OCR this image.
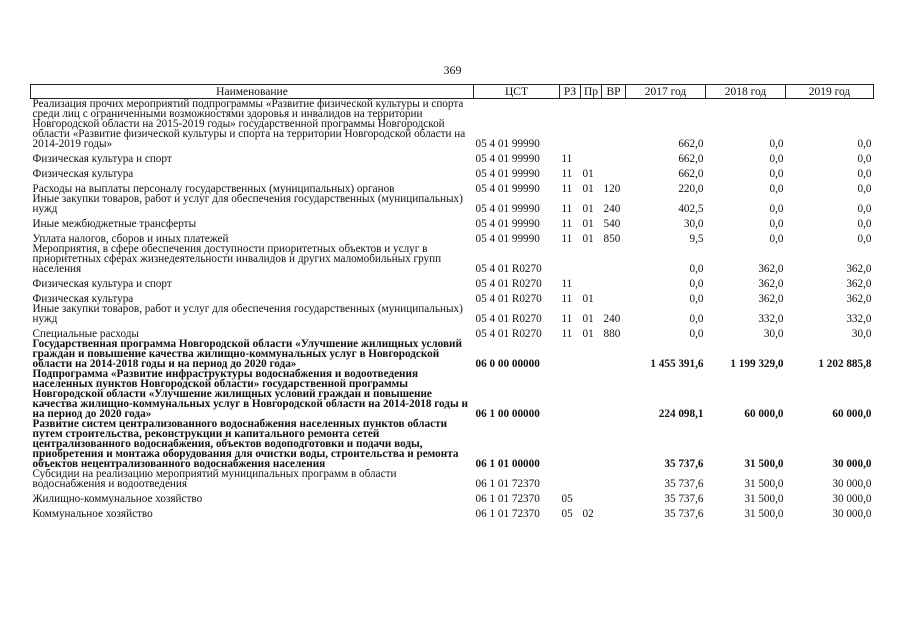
369
Наименование	ЦСТ	РЗ	Пр	ВР	2017 год	2018 год	2019 год
Реализация прочих мероприятий подпрограммы «Развитие физической культуры и спорта среди лиц с ограниченными возможностями здоровья и инвалидов на территории Новгородской области на 2015-2019 годы» государственной программы Новгородской области «Развитие физической культуры и спорта на территории Новгородской области на 2014-2019 годы»	05 4 01 99990				662,0	0,0	0,0
Физическая культура и спорт	05 4 01 99990	11			662,0	0,0	0,0
Физическая культура	05 4 01 99990	11	01		662,0	0,0	0,0
Расходы на выплаты персоналу государственных (муниципальных) органов	05 4 01 99990	11	01	120	220,0	0,0	0,0
Иные закупки товаров, работ и услуг для обеспечения государственных (муниципальных) нужд	05 4 01 99990	11	01	240	402,5	0,0	0,0
Иные межбюджетные трансферты	05 4 01 99990	11	01	540	30,0	0,0	0,0
Уплата налогов, сборов и иных платежей	05 4 01 99990	11	01	850	9,5	0,0	0,0
Мероприятия, в сфере обеспечения доступности приоритетных объектов и услуг в приоритетных сферах жизнедеятельности инвалидов и других маломобильных групп населения	05 4 01 R0270				0,0	362,0	362,0
Физическая культура и спорт	05 4 01 R0270	11			0,0	362,0	362,0
Физическая культура	05 4 01 R0270	11	01		0,0	362,0	362,0
Иные закупки товаров, работ и услуг для обеспечения государственных (муниципальных) нужд	05 4 01 R0270	11	01	240	0,0	332,0	332,0
Специальные расходы	05 4 01 R0270	11	01	880	0,0	30,0	30,0
Государственная программа Новгородской области «Улучшение жилищных условий граждан и повышение качества жилищно-коммунальных услуг в Новгородской области на 2014-2018 годы и на период до 2020 года»	06 0 00 00000				1 455 391,6	1 199 329,0	1 202 885,8
Подпрограмма «Развитие инфраструктуры водоснабжения и водоотведения населенных пунктов Новгородской области» государственной программы Новгородской области «Улучшение жилищных условий граждан и повышение качества жилищно-коммунальных услуг в Новгородской области на 2014-2018 годы и на период до 2020 года»	06 1 00 00000				224 098,1	60 000,0	60 000,0
Развитие систем централизованного водоснабжения населенных пунктов области путем строительства, реконструкции и капитального ремонта сетей централизованного водоснабжения, объектов водоподготовки и подачи воды, приобретения и монтажа оборудования для очистки воды, строительства и ремонта объектов нецентрализованного водоснабжения населения	06 1 01 00000				35 737,6	31 500,0	30 000,0
Субсидии на реализацию мероприятий муниципальных программ в области водоснабжения и водоотведения	06 1 01 72370				35 737,6	31 500,0	30 000,0
Жилищно-коммунальное хозяйство	06 1 01 72370	05			35 737,6	31 500,0	30 000,0
Коммунальное хозяйство	06 1 01 72370	05	02		35 737,6	31 500,0	30 000,0
